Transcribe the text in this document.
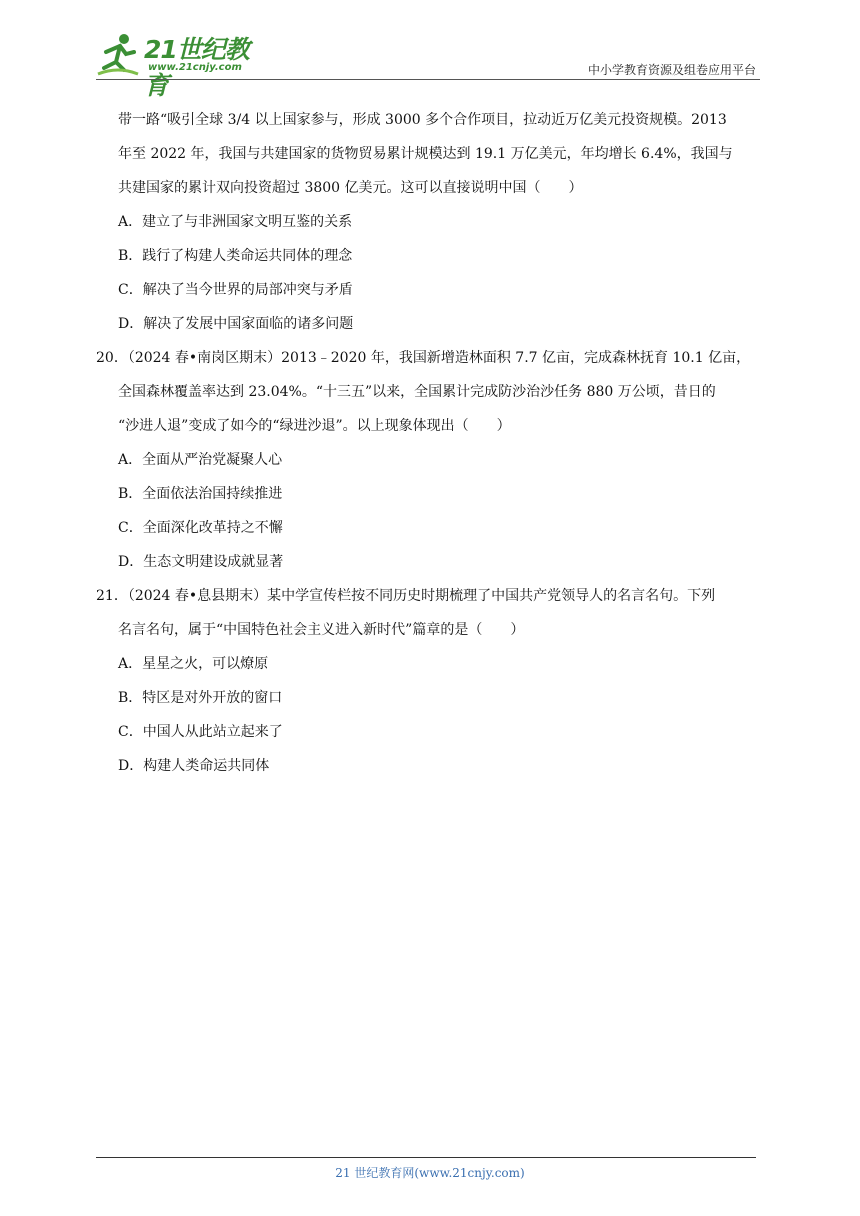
21世纪教育
www.21cnjy.com	中小学教育资源及组卷应用平台

带一路“吸引全球 3/4 以上国家参与，形成 3000 多个合作项目，拉动近万亿美元投资规模。2013

年至 2022 年，我国与共建国家的货物贸易累计规模达到 19.1 万亿美元，年均增长 6.4%，我国与

共建国家的累计双向投资超过 3800 亿美元。这可以直接说明中国（　　）

A．建立了与非洲国家文明互鉴的关系

B．践行了构建人类命运共同体的理念

C．解决了当今世界的局部冲突与矛盾

D．解决了发展中国家面临的诸多问题

20．（2024 春•南岗区期末）2013﹣2020 年，我国新增造林面积 7.7 亿亩，完成森林抚育 10.1 亿亩，

全国森林覆盖率达到 23.04%。“十三五”以来，全国累计完成防沙治沙任务 880 万公顷，昔日的

“沙进人退”变成了如今的“绿进沙退”。以上现象体现出（　　）

A．全面从严治党凝聚人心

B．全面依法治国持续推进

C．全面深化改革持之不懈

D．生态文明建设成就显著

21．（2024 春•息县期末）某中学宣传栏按不同历史时期梳理了中国共产党领导人的名言名句。下列

名言名句，属于“中国特色社会主义进入新时代”篇章的是（　　）

A．星星之火，可以燎原

B．特区是对外开放的窗口

C．中国人从此站立起来了

D．构建人类命运共同体

21 世纪教育网(www.21cnjy.com)
